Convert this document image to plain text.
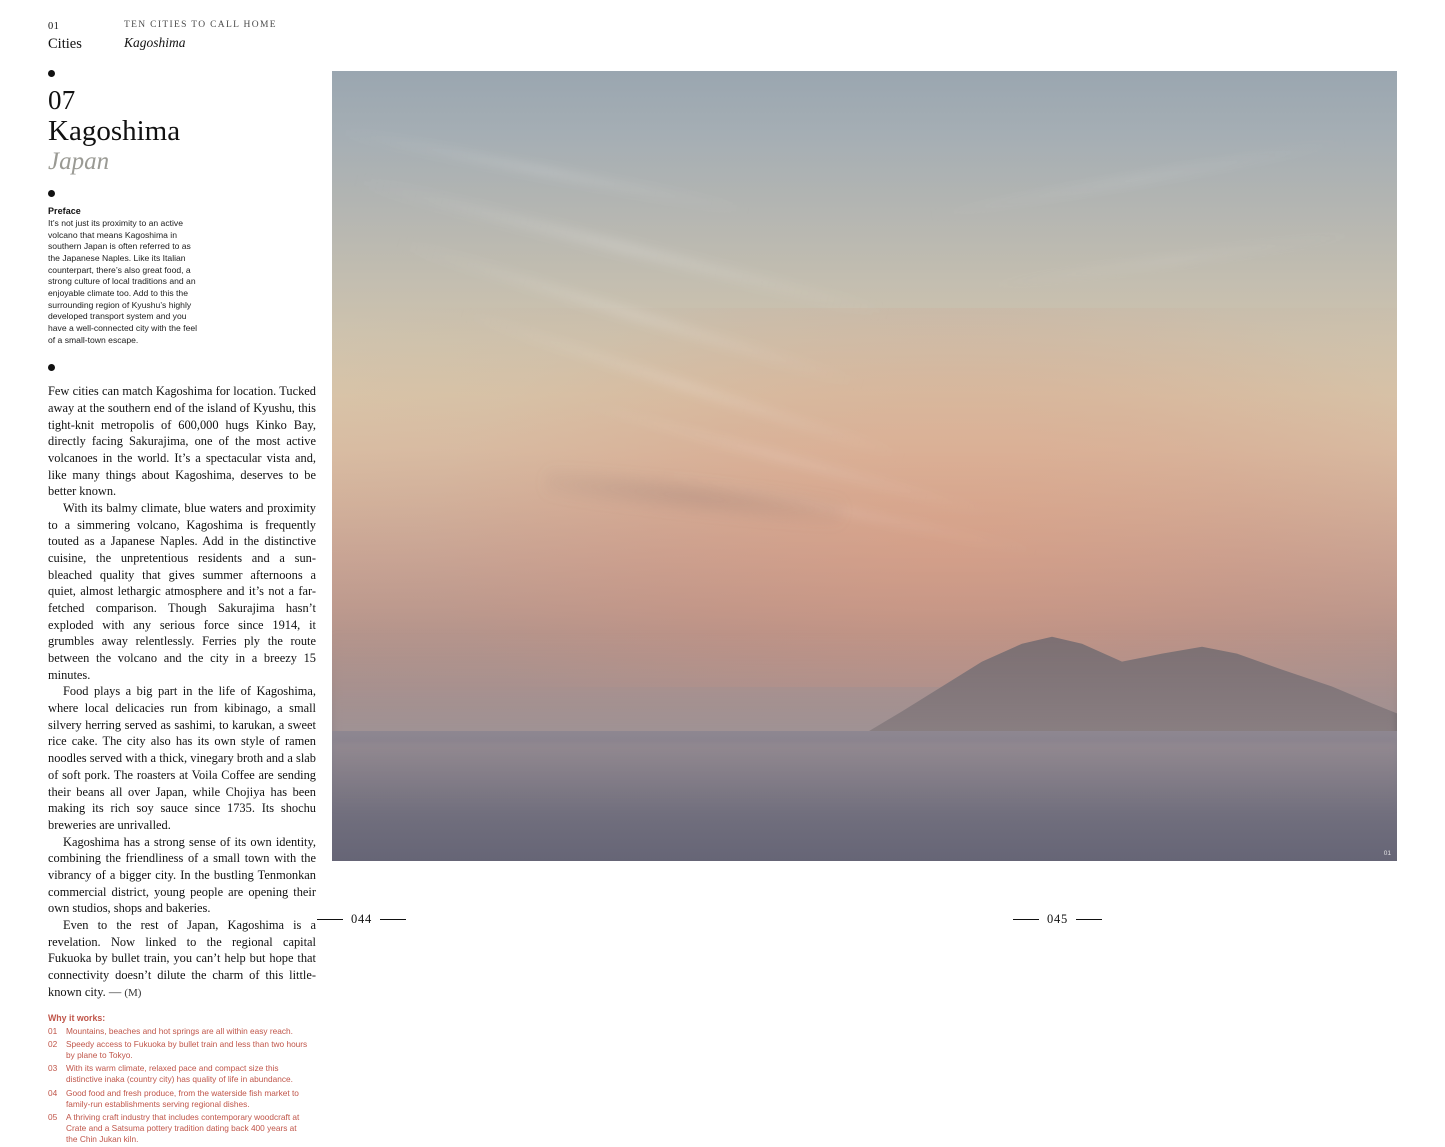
01
Cities
TEN CITIES TO CALL HOME
Kagoshima
07
Kagoshima
Japan
Preface
It’s not just its proximity to an active volcano that means Kagoshima in southern Japan is often referred to as the Japanese Naples. Like its Italian counterpart, there’s also great food, a strong culture of local traditions and an enjoyable climate too. Add to this the surrounding region of Kyushu’s highly developed transport system and you have a well-connected city with the feel of a small-town escape.

Few cities can match Kagoshima for location. Tucked away at the southern end of the island of Kyushu, this tight-knit metropolis of 600,000 hugs Kinko Bay, directly facing Sakurajima, one of the most active volcanoes in the world. It’s a spectacular vista and, like many things about Kagoshima, deserves to be better known.

With its balmy climate, blue waters and proximity to a simmering volcano, Kagoshima is frequently touted as a Japanese Naples. Add in the distinctive cuisine, the unpretentious residents and a sun-bleached quality that gives summer afternoons a quiet, almost lethargic atmosphere and it’s not a far-fetched comparison. Though Sakurajima hasn’t exploded with any serious force since 1914, it grumbles away relentlessly. Ferries ply the route between the volcano and the city in a breezy 15 minutes.

Food plays a big part in the life of Kagoshima, where local delicacies run from kibinago, a small silvery herring served as sashimi, to karukan, a sweet rice cake. The city also has its own style of ramen noodles served with a thick, vinegary broth and a slab of soft pork. The roasters at Voila Coffee are sending their beans all over Japan, while Chojiya has been making its rich soy sauce since 1735. Its shochu breweries are unrivalled.

Kagoshima has a strong sense of its own identity, combining the friendliness of a small town with the vibrancy of a bigger city. In the bustling Tenmonkan commercial district, young people are opening their own studios, shops and bakeries.

Even to the rest of Japan, Kagoshima is a revelation. Now linked to the regional capital Fukuoka by bullet train, you can’t help but hope that connectivity doesn’t dilute the charm of this little-known city. — (M)

Why it works:
01	Mountains, beaches and hot springs are all within easy reach.
02	Speedy access to Fukuoka by bullet train and less than two hours by plane to Tokyo.
03	With its warm climate, relaxed pace and compact size this distinctive inaka (country city) has quality of life in abundance.
04	Good food and fresh produce, from the waterside fish market to family-run establishments serving regional dishes.
05	A thriving craft industry that includes contemporary woodcraft at Crate and a Satsuma pottery tradition dating back 400 years at the Chin Jukan kiln.
01
044	045
